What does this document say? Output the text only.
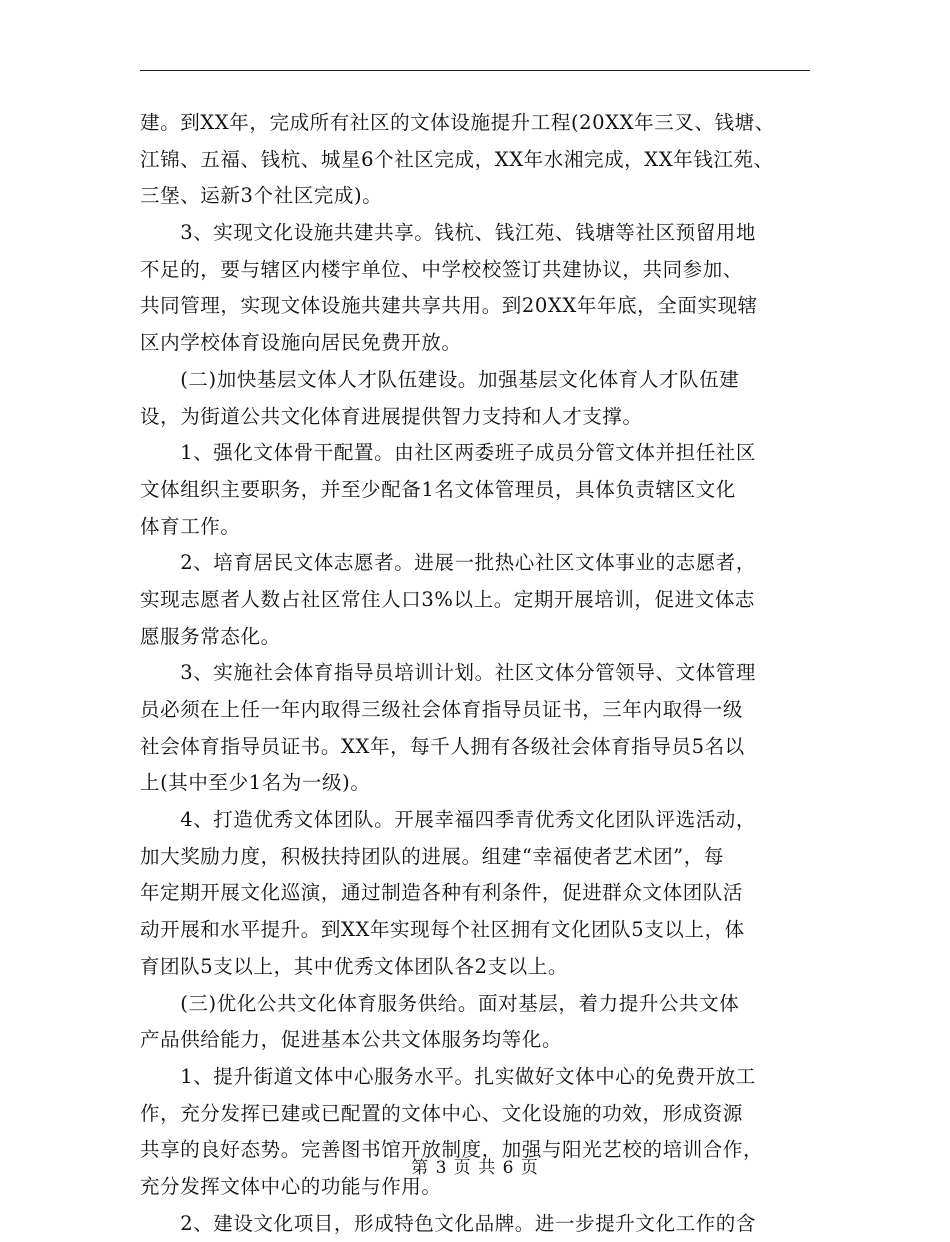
建。到XX年，完成所有社区的文体设施提升工程(20XX年三叉、钱塘、
江锦、五福、钱杭、城星6个社区完成，XX年水湘完成，XX年钱江苑、
三堡、运新3个社区完成)。
　　3、实现文化设施共建共享。钱杭、钱江苑、钱塘等社区预留用地
不足的，要与辖区内楼宇单位、中学校校签订共建协议，共同参加、
共同管理，实现文体设施共建共享共用。到20XX年年底，全面实现辖
区内学校体育设施向居民免费开放。
　　(二)加快基层文体人才队伍建设。加强基层文化体育人才队伍建
设，为街道公共文化体育进展提供智力支持和人才支撑。
　　1、强化文体骨干配置。由社区两委班子成员分管文体并担任社区
文体组织主要职务，并至少配备1名文体管理员，具体负责辖区文化
体育工作。
　　2、培育居民文体志愿者。进展一批热心社区文体事业的志愿者，
实现志愿者人数占社区常住人口3%以上。定期开展培训，促进文体志
愿服务常态化。
　　3、实施社会体育指导员培训计划。社区文体分管领导、文体管理
员必须在上任一年内取得三级社会体育指导员证书，三年内取得一级
社会体育指导员证书。XX年，每千人拥有各级社会体育指导员5名以
上(其中至少1名为一级)。
　　4、打造优秀文体团队。开展幸福四季青优秀文化团队评选活动，
加大奖励力度，积极扶持团队的进展。组建“幸福使者艺术团”，每
年定期开展文化巡演，通过制造各种有利条件，促进群众文体团队活
动开展和水平提升。到XX年实现每个社区拥有文化团队5支以上，体
育团队5支以上，其中优秀文体团队各2支以上。
　　(三)优化公共文化体育服务供给。面对基层，着力提升公共文体
产品供给能力，促进基本公共文体服务均等化。
　　1、提升街道文体中心服务水平。扎实做好文体中心的免费开放工
作，充分发挥已建或已配置的文体中心、文化设施的功效，形成资源
共享的良好态势。完善图书馆开放制度，加强与阳光艺校的培训合作，
充分发挥文体中心的功能与作用。
　　2、建设文化项目，形成特色文化品牌。进一步提升文化工作的含
第 3 页 共 6 页
